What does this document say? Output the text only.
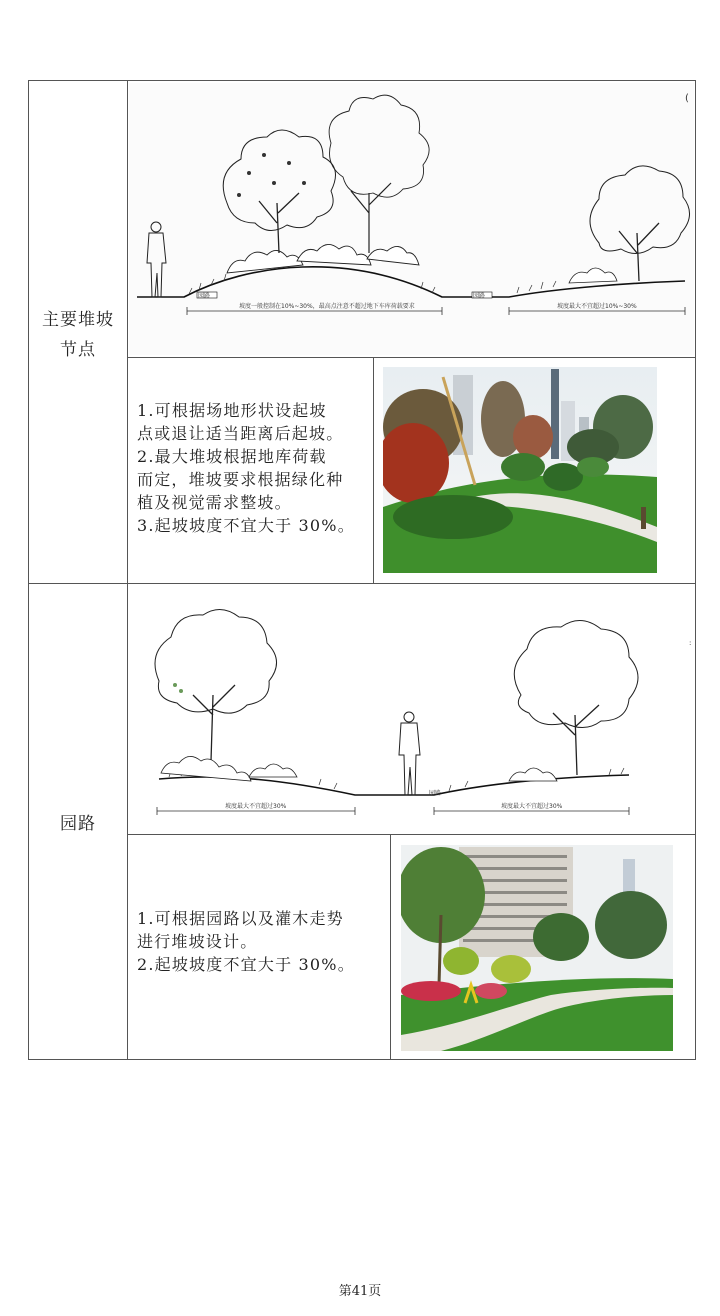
主要堆坡
节点
园路	园路
坡度一般控制在10%~30%，最高点注意不超过地下车库荷载要求	坡度最大不宜超过10%~30%
(

1.可根据场地形状设起坡

点或退让适当距离后起坡。

2.最大堆坡根据地库荷载

而定，堆坡要求根据绿化种

植及视觉需求整坡。

3.起坡坡度不宜大于 30%。

园路
:
园路
坡度最大不宜超过30%	坡度最大不宜超过30%

1.可根据园路以及灌木走势

进行堆坡设计。

2.起坡坡度不宜大于 30%。

第41页
